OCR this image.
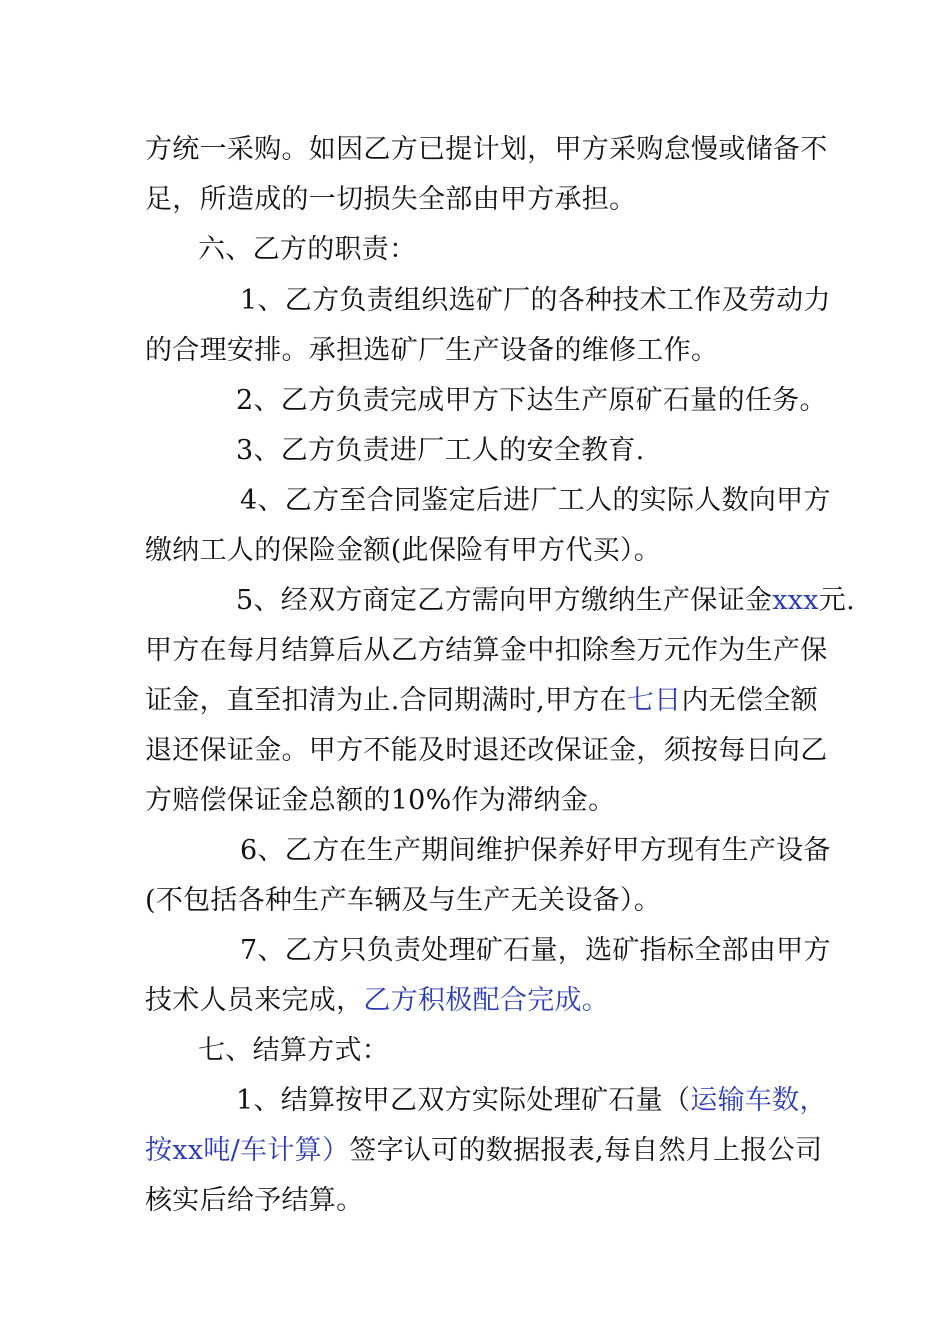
方统一采购。如因乙方已提计划，甲方采购怠慢或储备不
足，所造成的一切损失全部由甲方承担。
六、乙方的职责：
1、乙方负责组织选矿厂的各种技术工作及劳动力
的合理安排。承担选矿厂生产设备的维修工作。
2、乙方负责完成甲方下达生产原矿石量的任务。
3、乙方负责进厂工人的安全教育.
4、乙方至合同鉴定后进厂工人的实际人数向甲方
缴纳工人的保险金额(此保险有甲方代买）。
5、经双方商定乙方需向甲方缴纳生产保证金xxx元.
甲方在每月结算后从乙方结算金中扣除叁万元作为生产保
证金，直至扣清为止.合同期满时,甲方在七日内无偿全额
退还保证金。甲方不能及时退还改保证金，须按每日向乙
方赔偿保证金总额的10%作为滞纳金。
6、乙方在生产期间维护保养好甲方现有生产设备
(不包括各种生产车辆及与生产无关设备）。
7、乙方只负责处理矿石量，选矿指标全部由甲方
技术人员来完成，乙方积极配合完成。
七、结算方式：
1、结算按甲乙双方实际处理矿石量（运输车数，
按xx吨/车计算）签字认可的数据报表,每自然月上报公司
核实后给予结算。
